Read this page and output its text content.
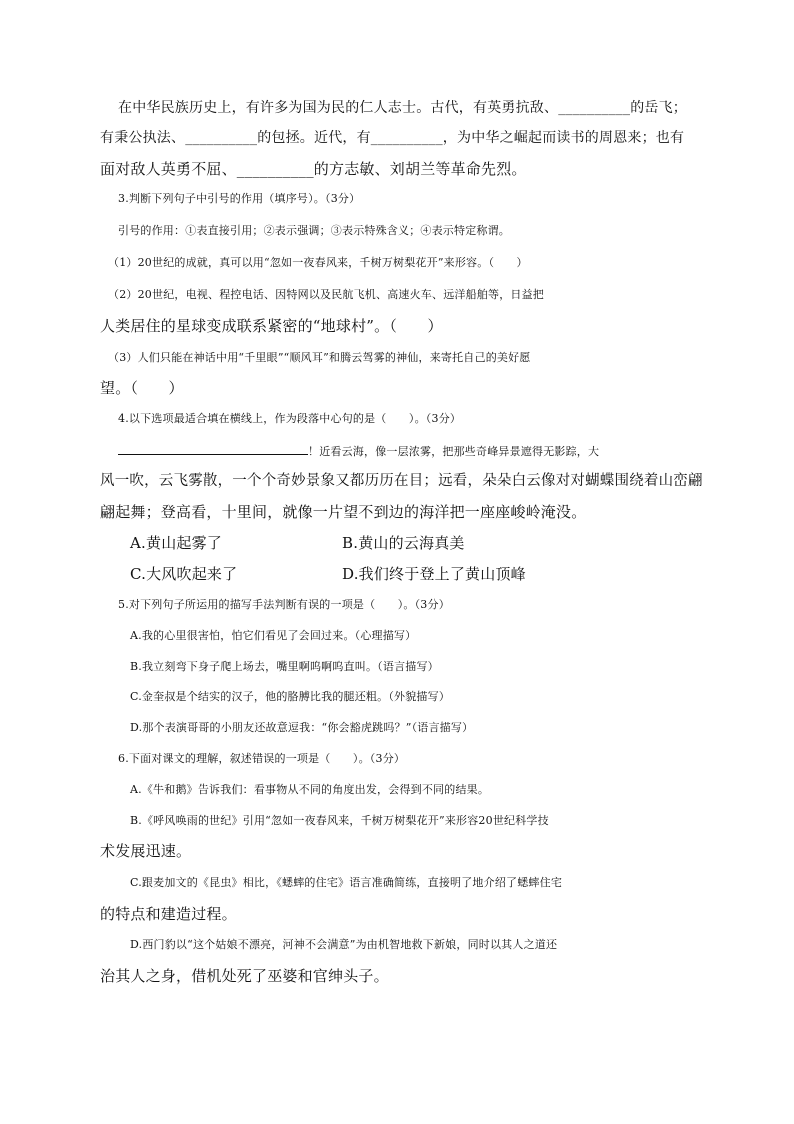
在中华民族历史上，有许多为国为民的仁人志士。古代，有英勇抗敌、__________的岳飞；
有秉公执法、__________的包拯。近代，有__________，为中华之崛起而读书的周恩来；也有
面对敌人英勇不屈、__________的方志敏、刘胡兰等革命先烈。
3.判断下列句子中引号的作用（填序号）。（3分）
引号的作用：①表直接引用；②表示强调；③表示特殊含义；④表示特定称谓。
（1）20世纪的成就，真可以用“忽如一夜春风来，千树万树梨花开”来形容。（　　）
（2）20世纪，电视、程控电话、因特网以及民航飞机、高速火车、远洋船舶等，日益把
人类居住的星球变成联系紧密的“地球村”。（　　）
（3）人们只能在神话中用“千里眼”“顺风耳”和腾云驾雾的神仙，来寄托自己的美好愿
望。（　　）
4.以下选项最适合填在横线上，作为段落中心句的是（　　）。（3分）
！近看云海，像一层浓雾，把那些奇峰异景遮得无影踪，大
风一吹，云飞雾散，一个个奇妙景象又都历历在目；远看，朵朵白云像对对蝴蝶围绕着山峦翩
翩起舞；登高看，十里间，就像一片望不到边的海洋把一座座峻岭淹没。
A.黄山起雾了	B.黄山的云海真美
C.大风吹起来了	D.我们终于登上了黄山顶峰
5.对下列句子所运用的描写手法判断有误的一项是（　　）。（3分）
A.我的心里很害怕，怕它们看见了会回过来。（心理描写）
B.我立刻弯下身子爬上场去，嘴里啊呜啊呜直叫。（语言描写）
C.金奎叔是个结实的汉子，他的胳膊比我的腿还粗。（外貌描写）
D.那个表演哥哥的小朋友还故意逗我：“你会豁虎跳吗？”（语言描写）
6.下面对课文的理解，叙述错误的一项是（　　）。（3分）
A.《牛和鹅》告诉我们：看事物从不同的角度出发，会得到不同的结果。
B.《呼风唤雨的世纪》引用“忽如一夜春风来，千树万树梨花开”来形容20世纪科学技
术发展迅速。
C.跟麦加文的《昆虫》相比，《蟋蟀的住宅》语言准确简练，直接明了地介绍了蟋蟀住宅
的特点和建造过程。
D.西门豹以“这个姑娘不漂亮，河神不会满意”为由机智地救下新娘，同时以其人之道还
治其人之身，借机处死了巫婆和官绅头子。
